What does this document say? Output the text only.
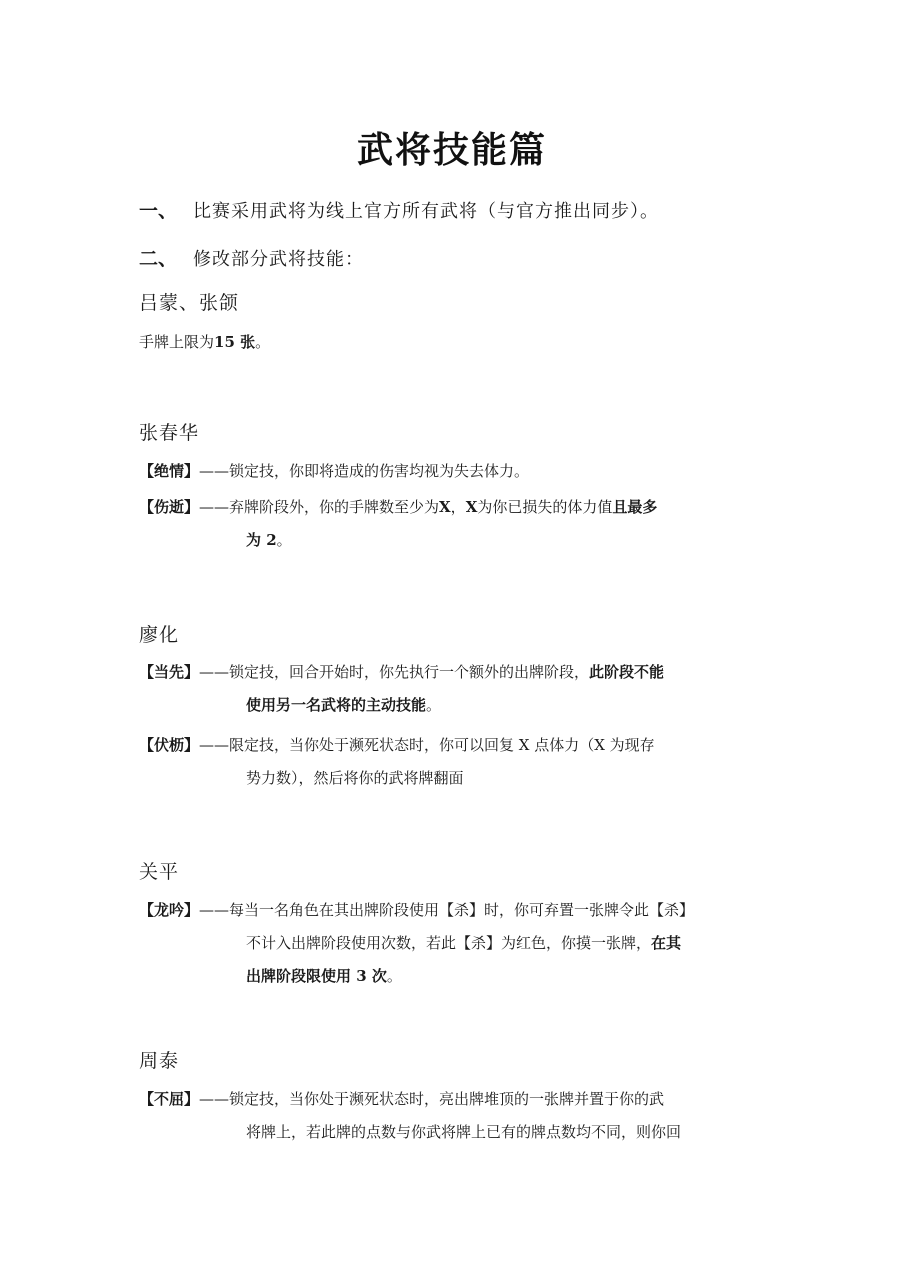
武将技能篇
一、 比赛采用武将为线上官方所有武将（与官方推出同步）。
二、 修改部分武将技能：
吕蒙、张颌
手牌上限为15 张。
张春华
【绝情】 —— 锁定技，你即将造成的伤害均视为失去体力。
【伤逝】 —— 弃牌阶段外，你的手牌数至少为X，X为你已损失的体力值且最多
为 2。
廖化
【当先】 —— 锁定技，回合开始时，你先执行一个额外的出牌阶段，此阶段不能
使用另一名武将的主动技能。
【伏枥】 —— 限定技，当你处于濒死状态时，你可以回复 X 点体力（X 为现存
势力数），然后将你的武将牌翻面
关平
【龙吟】 —— 每当一名角色在其出牌阶段使用【杀】时，你可弃置一张牌令此【杀】
不计入出牌阶段使用次数，若此【杀】为红色，你摸一张牌，在其
出牌阶段限使用 3 次。
周泰
【不屈】 —— 锁定技，当你处于濒死状态时，亮出牌堆顶的一张牌并置于你的武
将牌上，若此牌的点数与你武将牌上已有的牌点数均不同，则你回
